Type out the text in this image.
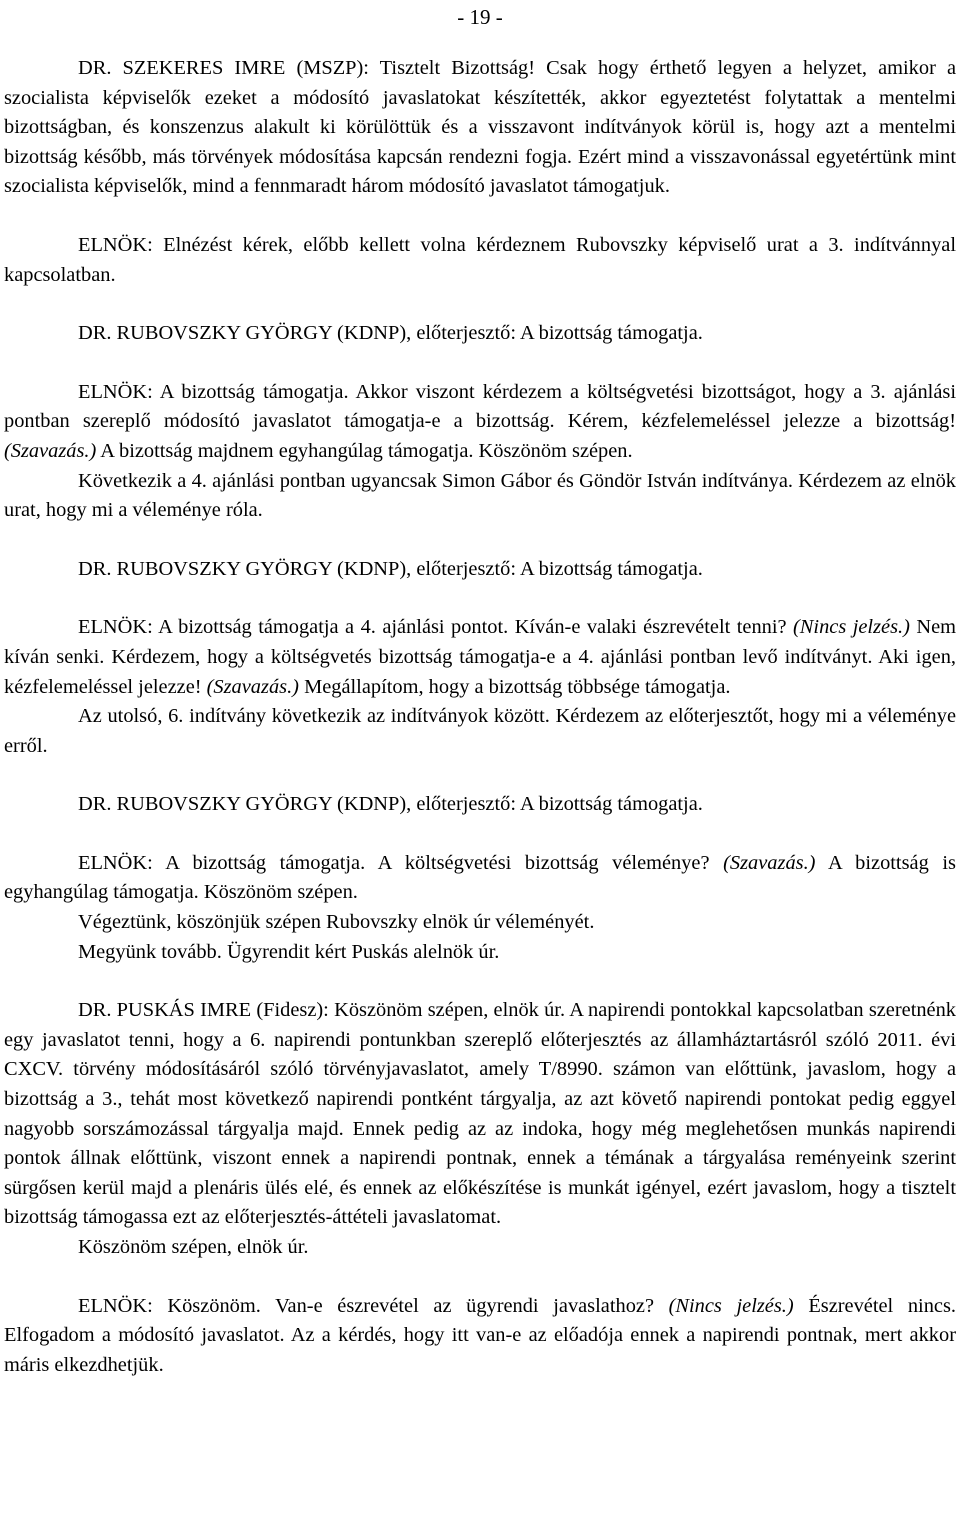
- 19 -

DR. SZEKERES IMRE (MSZP): Tisztelt Bizottság! Csak hogy érthető legyen a helyzet, amikor a szocialista képviselők ezeket a módosító javaslatokat készítették, akkor egyeztetést folytattak a mentelmi bizottságban, és konszenzus alakult ki körülöttük és a visszavont indítványok körül is, hogy azt a mentelmi bizottság később, más törvények módosítása kapcsán rendezni fogja. Ezért mind a visszavonással egyetértünk mint szocialista képviselők, mind a fennmaradt három módosító javaslatot támogatjuk.

ELNÖK: Elnézést kérek, előbb kellett volna kérdeznem Rubovszky képviselő urat a 3. indítvánnyal kapcsolatban.

DR. RUBOVSZKY GYÖRGY (KDNP), előterjesztő: A bizottság támogatja.

ELNÖK: A bizottság támogatja. Akkor viszont kérdezem a költségvetési bizottságot, hogy a 3. ajánlási pontban szereplő módosító javaslatot támogatja-e a bizottság. Kérem, kézfelemeléssel jelezze a bizottság! (Szavazás.) A bizottság majdnem egyhangúlag támogatja. Köszönöm szépen.

Következik a 4. ajánlási pontban ugyancsak Simon Gábor és Göndör István indítványa. Kérdezem az elnök urat, hogy mi a véleménye róla.

DR. RUBOVSZKY GYÖRGY (KDNP), előterjesztő: A bizottság támogatja.

ELNÖK: A bizottság támogatja a 4. ajánlási pontot. Kíván-e valaki észrevételt tenni? (Nincs jelzés.) Nem kíván senki. Kérdezem, hogy a költségvetés bizottság támogatja-e a 4. ajánlási pontban levő indítványt. Aki igen, kézfelemeléssel jelezze! (Szavazás.) Megállapítom, hogy a bizottság többsége támogatja.

Az utolsó, 6. indítvány következik az indítványok között. Kérdezem az előterjesztőt, hogy mi a véleménye erről.

DR. RUBOVSZKY GYÖRGY (KDNP), előterjesztő: A bizottság támogatja.

ELNÖK: A bizottság támogatja. A költségvetési bizottság véleménye? (Szavazás.) A bizottság is egyhangúlag támogatja. Köszönöm szépen.

Végeztünk, köszönjük szépen Rubovszky elnök úr véleményét.

Megyünk tovább. Ügyrendit kért Puskás alelnök úr.

DR. PUSKÁS IMRE (Fidesz): Köszönöm szépen, elnök úr. A napirendi pontokkal kapcsolatban szeretnénk egy javaslatot tenni, hogy a 6. napirendi pontunkban szereplő előterjesztés az államháztartásról szóló 2011. évi CXCV. törvény módosításáról szóló törvényjavaslatot, amely T/8990. számon van előttünk, javaslom, hogy a bizottság a 3., tehát most következő napirendi pontként tárgyalja, az azt követő napirendi pontokat pedig eggyel nagyobb sorszámozással tárgyalja majd. Ennek pedig az az indoka, hogy még meglehetősen munkás napirendi pontok állnak előttünk, viszont ennek a napirendi pontnak, ennek a témának a tárgyalása reményeink szerint sürgősen kerül majd a plenáris ülés elé, és ennek az előkészítése is munkát igényel, ezért javaslom, hogy a tisztelt bizottság támogassa ezt az előterjesztés-áttételi javaslatomat.

Köszönöm szépen, elnök úr.

ELNÖK: Köszönöm. Van-e észrevétel az ügyrendi javaslathoz? (Nincs jelzés.) Észrevétel nincs. Elfogadom a módosító javaslatot. Az a kérdés, hogy itt van-e az előadója ennek a napirendi pontnak, mert akkor máris elkezdhetjük.
